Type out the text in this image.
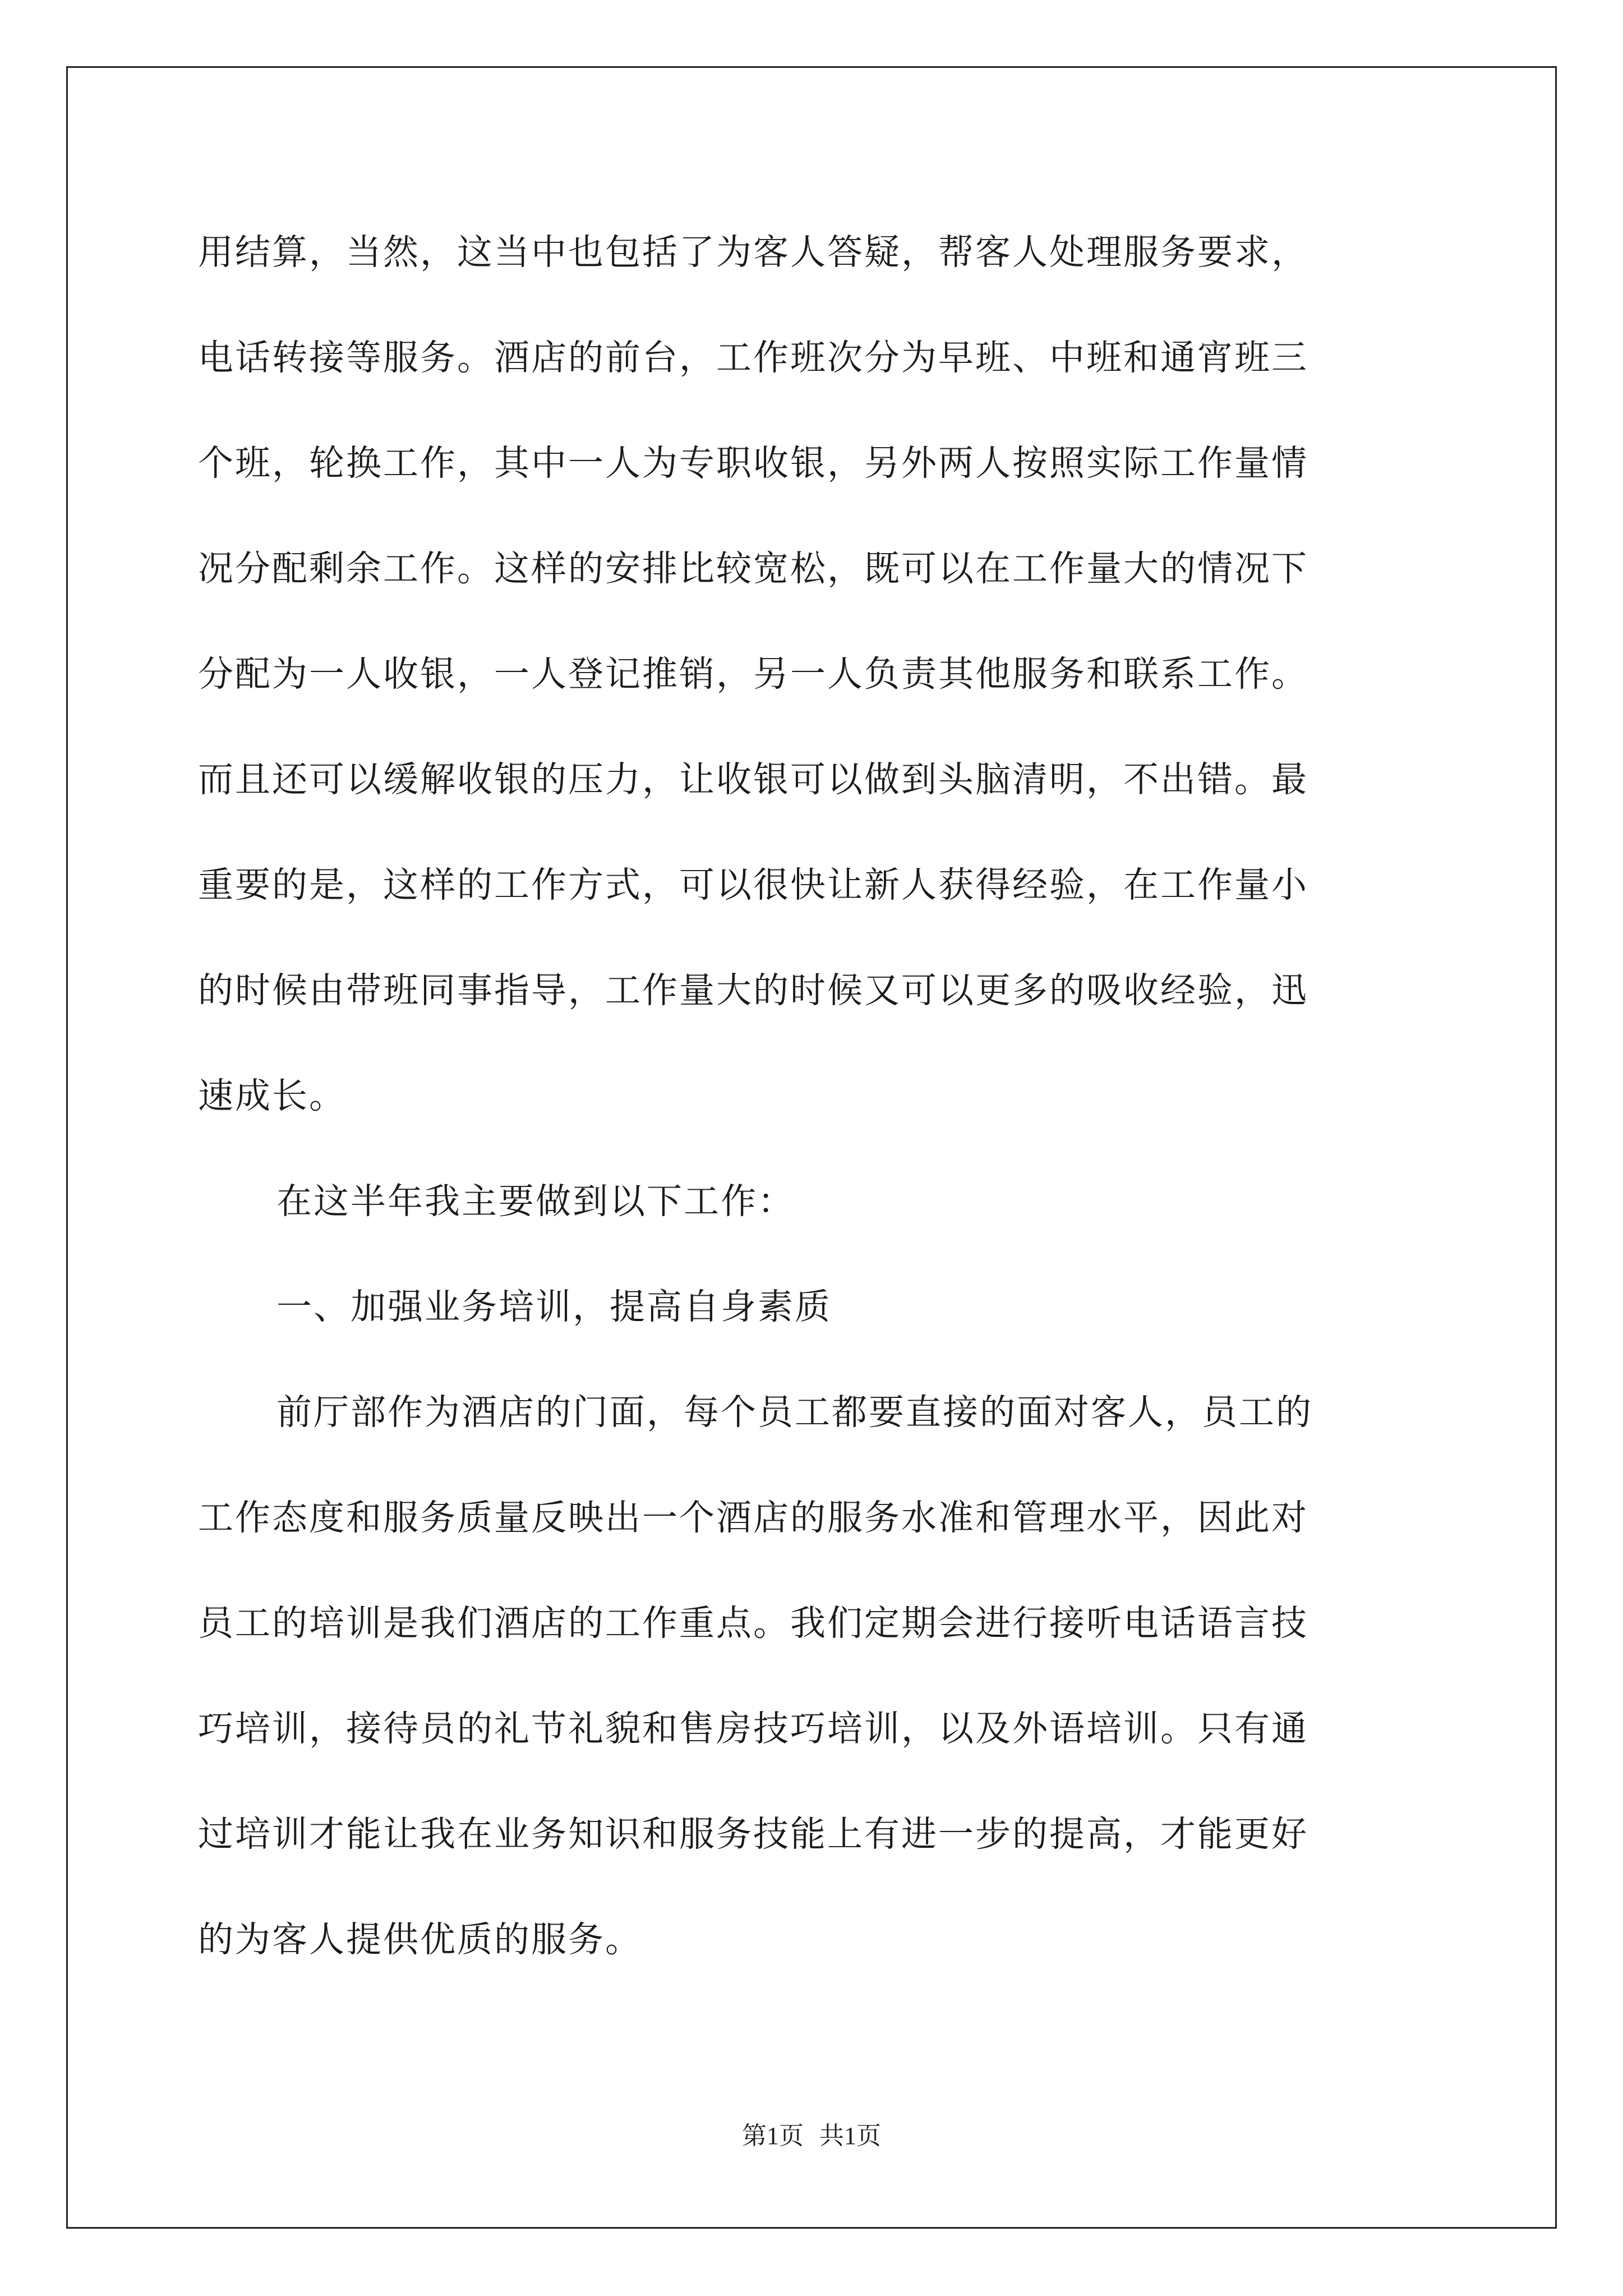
用结算，当然，这当中也包括了为客人答疑，帮客人处理服务要求，
电话转接等服务。酒店的前台，工作班次分为早班、中班和通宵班三
个班，轮换工作，其中一人为专职收银，另外两人按照实际工作量情
况分配剩余工作。这样的安排比较宽松，既可以在工作量大的情况下
分配为一人收银，一人登记推销，另一人负责其他服务和联系工作。
而且还可以缓解收银的压力，让收银可以做到头脑清明，不出错。最
重要的是，这样的工作方式，可以很快让新人获得经验，在工作量小
的时候由带班同事指导，工作量大的时候又可以更多的吸收经验，迅
速成长。
在这半年我主要做到以下工作：
一、加强业务培训，提高自身素质
前厅部作为酒店的门面，每个员工都要直接的面对客人，员工的
工作态度和服务质量反映出一个酒店的服务水准和管理水平，因此对
员工的培训是我们酒店的工作重点。我们定期会进行接听电话语言技
巧培训，接待员的礼节礼貌和售房技巧培训，以及外语培训。只有通
过培训才能让我在业务知识和服务技能上有进一步的提高，才能更好
的为客人提供优质的服务。
第1页 共1页
